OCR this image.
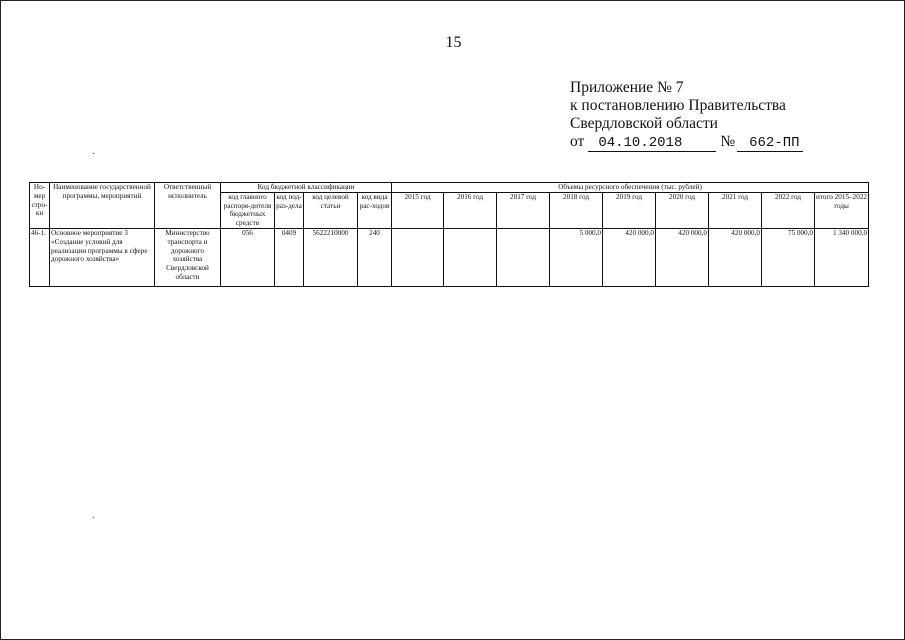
15
Приложение № 7
к постановлению Правительства
Свердловской области
от	04.10.2018	№	662-ПП
Но-мер стро-ки	Наименование государственной программы, мероприятий	Ответственный исполнитель	Код бюджетной классификации				Объемы ресурсного обеспечения (тыс. рублей)								
			код главного распоря-дителя бюджетных средств	код под-раз-дела	код целевой статьи	код вида рас-ходов	2015 год	2016 год	2017 год	2018 год	2019 год	2020 год	2021 год	2022 год	итого 2015–2022 годы
46-1.	Основное мероприятие 3 «Создание условий для реализации программы в сфере дорожного хозяйства»	Министерство транспорта и дорожного хозяйства Свердловской области	056	0409	5622210000	240				5 000,0	420 000,0	420 000,0	420 000,0	75 000,0	1 340 000,0
